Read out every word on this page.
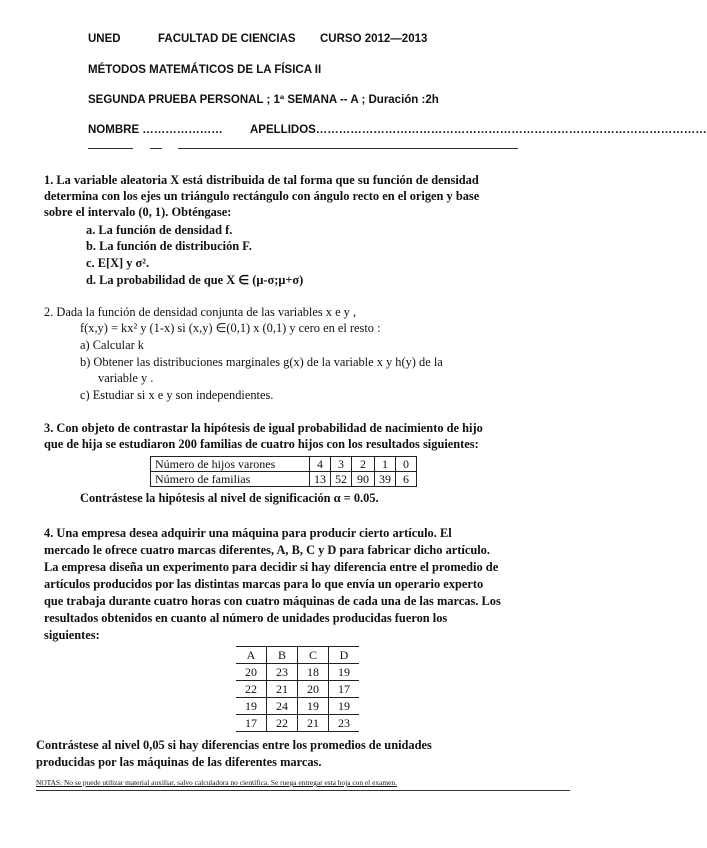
UNED	FACULTAD DE CIENCIAS CURSO 2012—2013
MÉTODOS MATEMÁTICOS DE LA FÍSICA II
SEGUNDA PRUEBA PERSONAL ; 1ª SEMANA -- A ; Duración :2h
NOMBRE ………………… APELLIDOS…………………………………………………………………………………………
1. La variable aleatoria X está distribuida de tal forma que su función de densidad
determina con los ejes un triángulo rectángulo con ángulo recto en el origen y base
sobre el intervalo (0, 1). Obténgase:
a. La función de densidad f.
b. La función de distribución F.
c. E[X] y σ².
d. La probabilidad de que X ∈ (μ-σ;μ+σ)
2. Dada la función de densidad conjunta de las variables x e y ,
f(x,y) = kx² y (1-x) si (x,y) ∈(0,1) x (0,1) y cero en el resto :
a) Calcular k
b) Obtener las distribuciones marginales g(x) de la variable x y h(y) de la
variable y .
c) Estudiar si x e y son independientes.
3. Con objeto de contrastar la hipótesis de igual probabilidad de nacimiento de hijo
que de hija se estudiaron 200 familias de cuatro hijos con los resultados siguientes:
Número de hijos varones	4	3	2	1	0
Número de familias	13	52	90	39	6
Contrástese la hipótesis al nivel de significación α = 0.05.
4. Una empresa desea adquirir una máquina para producir cierto artículo. El
mercado le ofrece cuatro marcas diferentes, A, B, C y D para fabricar dicho artículo.
La empresa diseña un experimento para decidir si hay diferencia entre el promedio de
artículos producidos por las distintas marcas para lo que envía un operario experto
que trabaja durante cuatro horas con cuatro máquinas de cada una de las marcas. Los
resultados obtenidos en cuanto al número de unidades producidas fueron los
siguientes:
A	B	C	D
20	23	18	19
22	21	20	17
19	24	19	19
17	22	21	23
Contrástese al nivel 0,05 si hay diferencias entre los promedios de unidades
producidas por las máquinas de las diferentes marcas.
NOTAS: No se puede utilizar material auxiliar, salvo calculadora no científica. Se ruega entregar esta hoja con el examen.
